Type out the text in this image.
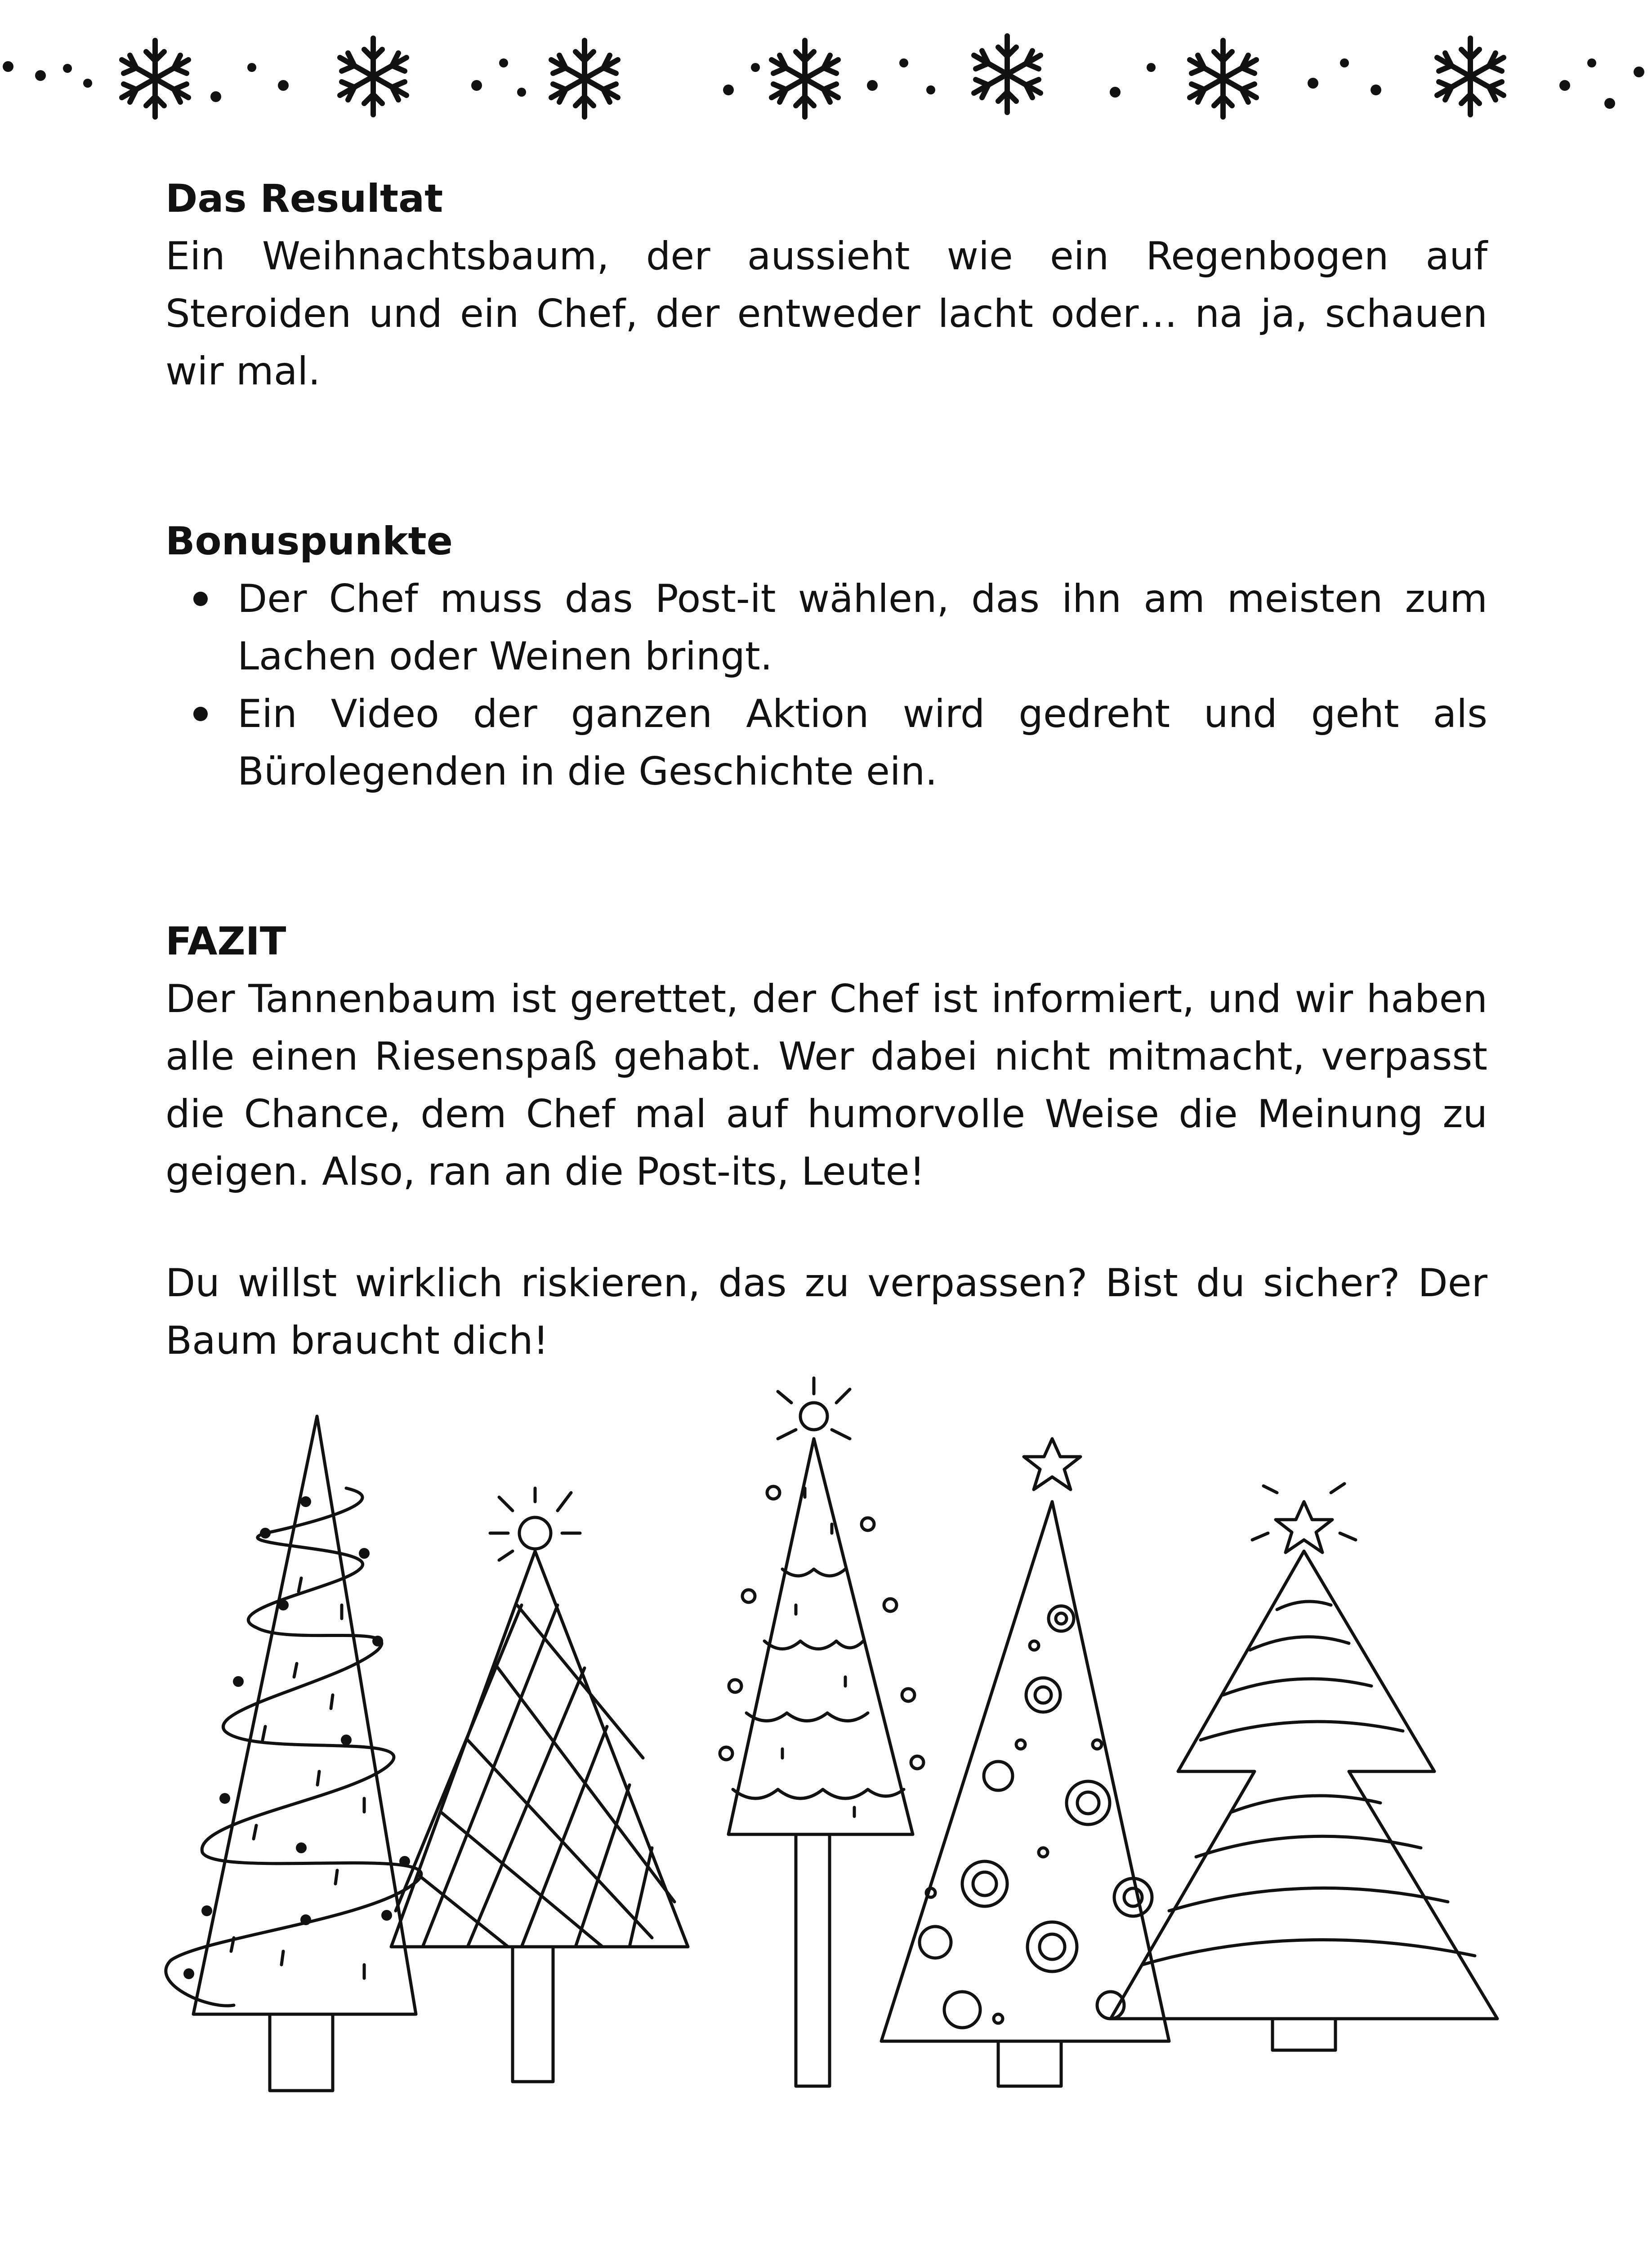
Das Resultat

Ein Weihnachtsbaum, der aussieht wie ein Regenbogen auf Steroiden und ein Chef, der entweder lacht oder… na ja, schauen wir mal.

Bonuspunkte
Der Chef muss das Post-it wählen, das ihn am meisten zum Lachen oder Weinen bringt.
Ein Video der ganzen Aktion wird gedreht und geht als Bürolegenden in die Geschichte ein.
FAZIT

Der Tannenbaum ist gerettet, der Chef ist informiert, und wir haben alle einen Riesenspaß gehabt. Wer dabei nicht mitmacht, verpasst die Chance, dem Chef mal auf humorvolle Weise die Meinung zu geigen. Also, ran an die Post-its, Leute!

Du willst wirklich riskieren, das zu verpassen? Bist du sicher? Der Baum braucht dich!
